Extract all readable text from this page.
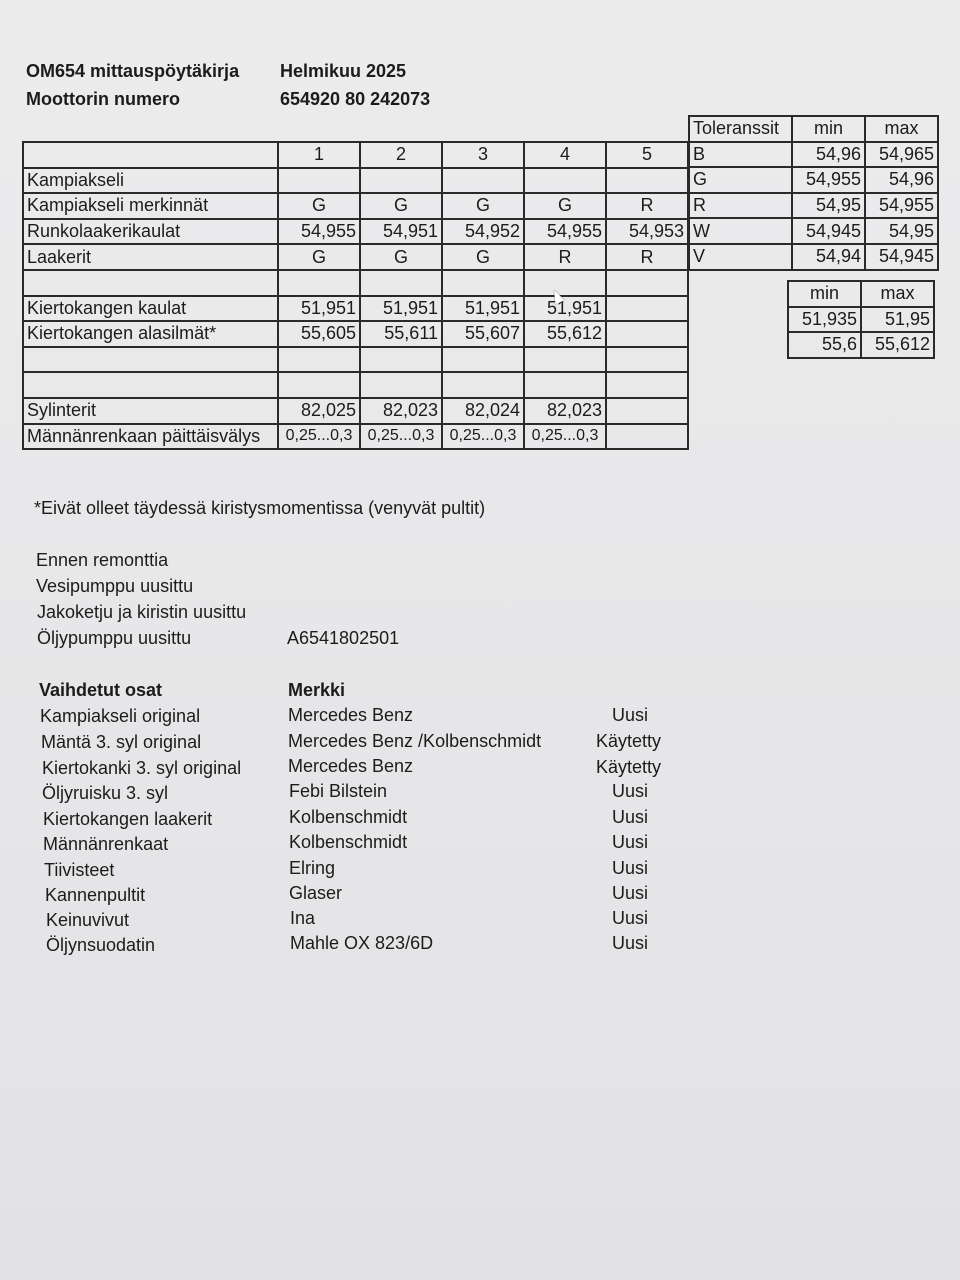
OM654 mittauspöytäkirja Helmikuu 2025
Moottorin numero	654920 80 242073
	1	2	3	4	5
Kampiakseli					
Kampiakseli merkinnät	G	G	G	G	R
Runkolaakerikaulat	54,955	54,951	54,952	54,955	54,953
Laakerit	G	G	G	R	R

Kiertokangen kaulat	51,951	51,951	51,951	51,951	
Kiertokangen alasilmät*	55,605	55,611	55,607	55,612	

Sylinterit	82,025	82,023	82,024	82,023	
Männänrenkaan päittäisvälys	0,25...0,3	0,25...0,3	0,25...0,3	0,25...0,3	
Toleranssit	min	max
B	54,96	54,965
G	54,955	54,96
R	54,95	54,955
W	54,945	54,95
V	54,94	54,945
min	max
51,935	51,95
55,6	55,612
*Eivät olleet täydessä kiristysmomentissa (venyvät pultit)
Ennen remonttia
Vesipumppu uusittu
Jakoketju ja kiristin uusittu
Öljypumppu uusittu	A6541802501
Vaihdetut osat	Merkki
Kampiakseli original	Mercedes Benz	Uusi
Mäntä 3. syl original	Mercedes Benz /Kolbenschmidt	Käytetty
Kiertokanki 3. syl original	Mercedes Benz	Käytetty
Öljyruisku 3. syl	Febi Bilstein	Uusi
Kiertokangen laakerit	Kolbenschmidt	Uusi
Männänrenkaat	Kolbenschmidt	Uusi
Tiivisteet	Elring	Uusi
Kannenpultit	Glaser	Uusi
Keinuvivut	Ina	Uusi
Öljynsuodatin	Mahle OX 823/6D	Uusi
